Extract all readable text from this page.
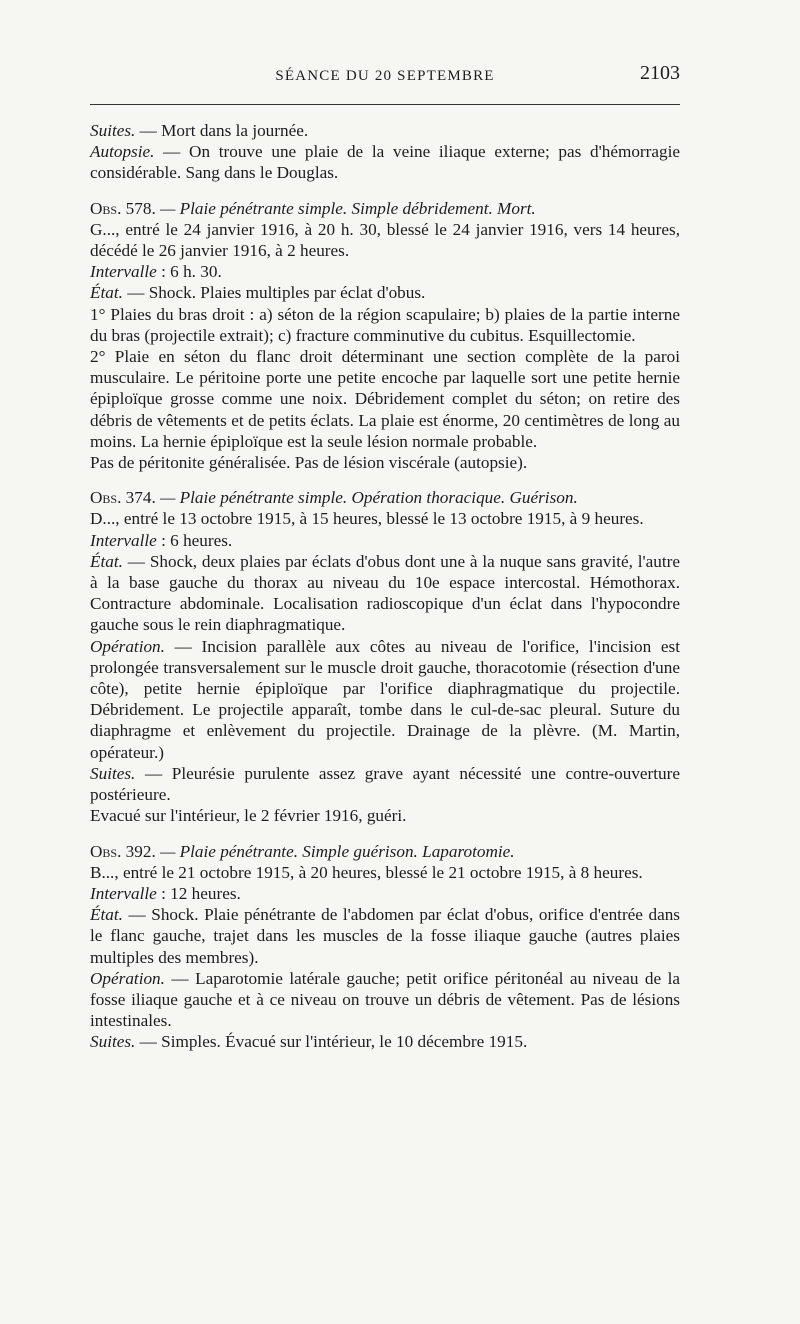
SÉANCE DU 20 SEPTEMBRE	2103

Suites. — Mort dans la journée.

Autopsie. — On trouve une plaie de la veine iliaque externe; pas d'hémorragie considérable. Sang dans le Douglas.

Obs. 578. — Plaie pénétrante simple. Simple débridement. Mort.

G..., entré le 24 janvier 1916, à 20 h. 30, blessé le 24 janvier 1916, vers 14 heures, décédé le 26 janvier 1916, à 2 heures.

Intervalle : 6 h. 30.

État. — Shock. Plaies multiples par éclat d'obus.

1° Plaies du bras droit : a) séton de la région scapulaire; b) plaies de la partie interne du bras (projectile extrait); c) fracture comminutive du cubitus. Esquillectomie.

2° Plaie en séton du flanc droit déterminant une section complète de la paroi musculaire. Le péritoine porte une petite encoche par laquelle sort une petite hernie épiploïque grosse comme une noix. Débridement complet du séton; on retire des débris de vêtements et de petits éclats. La plaie est énorme, 20 centimètres de long au moins. La hernie épiploïque est la seule lésion normale probable.

Pas de péritonite généralisée. Pas de lésion viscérale (autopsie).

Obs. 374. — Plaie pénétrante simple. Opération thoracique. Guérison.

D..., entré le 13 octobre 1915, à 15 heures, blessé le 13 octobre 1915, à 9 heures.

Intervalle : 6 heures.

État. — Shock, deux plaies par éclats d'obus dont une à la nuque sans gravité, l'autre à la base gauche du thorax au niveau du 10e espace intercostal. Hémothorax. Contracture abdominale. Localisation radioscopique d'un éclat dans l'hypocondre gauche sous le rein diaphragmatique.

Opération. — Incision parallèle aux côtes au niveau de l'orifice, l'incision est prolongée transversalement sur le muscle droit gauche, thoracotomie (résection d'une côte), petite hernie épiploïque par l'orifice diaphragmatique du projectile. Débridement. Le projectile apparaît, tombe dans le cul-de-sac pleural. Suture du diaphragme et enlèvement du projectile. Drainage de la plèvre. (M. Martin, opérateur.)

Suites. — Pleurésie purulente assez grave ayant nécessité une contre-ouverture postérieure.

Evacué sur l'intérieur, le 2 février 1916, guéri.

Obs. 392. — Plaie pénétrante. Simple guérison. Laparotomie.

B..., entré le 21 octobre 1915, à 20 heures, blessé le 21 octobre 1915, à 8 heures.

Intervalle : 12 heures.

État. — Shock. Plaie pénétrante de l'abdomen par éclat d'obus, orifice d'entrée dans le flanc gauche, trajet dans les muscles de la fosse iliaque gauche (autres plaies multiples des membres).

Opération. — Laparotomie latérale gauche; petit orifice péritonéal au niveau de la fosse iliaque gauche et à ce niveau on trouve un débris de vêtement. Pas de lésions intestinales.

Suites. — Simples. Évacué sur l'intérieur, le 10 décembre 1915.
